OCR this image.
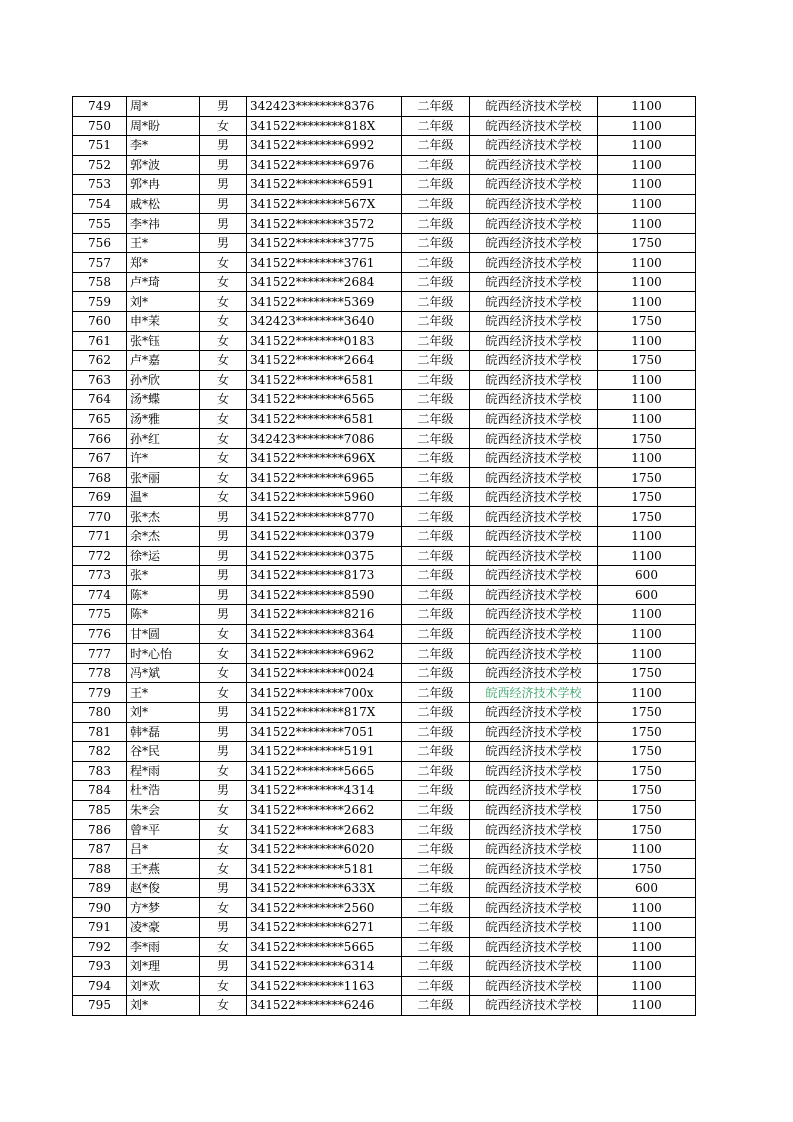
749	周*	男	342423********8376	二年级	皖西经济技术学校	1100
750	周*盼	女	341522********818X	二年级	皖西经济技术学校	1100
751	李*	男	341522********6992	二年级	皖西经济技术学校	1100
752	郭*波	男	341522********6976	二年级	皖西经济技术学校	1100
753	郭*冉	男	341522********6591	二年级	皖西经济技术学校	1100
754	戚*松	男	341522********567X	二年级	皖西经济技术学校	1100
755	李*祎	男	341522********3572	二年级	皖西经济技术学校	1100
756	王*	男	341522********3775	二年级	皖西经济技术学校	1750
757	郑*	女	341522********3761	二年级	皖西经济技术学校	1100
758	卢*琦	女	341522********2684	二年级	皖西经济技术学校	1100
759	刘*	女	341522********5369	二年级	皖西经济技术学校	1100
760	申*茉	女	342423********3640	二年级	皖西经济技术学校	1750
761	张*钰	女	341522********0183	二年级	皖西经济技术学校	1100
762	卢*嘉	女	341522********2664	二年级	皖西经济技术学校	1750
763	孙*欣	女	341522********6581	二年级	皖西经济技术学校	1100
764	汤*蝶	女	341522********6565	二年级	皖西经济技术学校	1100
765	汤*雅	女	341522********6581	二年级	皖西经济技术学校	1100
766	孙*红	女	342423********7086	二年级	皖西经济技术学校	1750
767	许*	女	341522********696X	二年级	皖西经济技术学校	1100
768	张*丽	女	341522********6965	二年级	皖西经济技术学校	1750
769	温*	女	341522********5960	二年级	皖西经济技术学校	1750
770	张*杰	男	341522********8770	二年级	皖西经济技术学校	1750
771	余*杰	男	341522********0379	二年级	皖西经济技术学校	1100
772	徐*运	男	341522********0375	二年级	皖西经济技术学校	1100
773	张*	男	341522********8173	二年级	皖西经济技术学校	600
774	陈*	男	341522********8590	二年级	皖西经济技术学校	600
775	陈*	男	341522********8216	二年级	皖西经济技术学校	1100
776	甘*圆	女	341522********8364	二年级	皖西经济技术学校	1100
777	时*心怡	女	341522********6962	二年级	皖西经济技术学校	1100
778	冯*斌	女	341522********0024	二年级	皖西经济技术学校	1750
779	王*	女	341522********700x	二年级	皖西经济技术学校	1100
780	刘*	男	341522********817X	二年级	皖西经济技术学校	1750
781	韩*磊	男	341522********7051	二年级	皖西经济技术学校	1750
782	谷*民	男	341522********5191	二年级	皖西经济技术学校	1750
783	程*雨	女	341522********5665	二年级	皖西经济技术学校	1750
784	杜*浩	男	341522********4314	二年级	皖西经济技术学校	1750
785	朱*会	女	341522********2662	二年级	皖西经济技术学校	1750
786	曾*平	女	341522********2683	二年级	皖西经济技术学校	1750
787	吕*	女	341522********6020	二年级	皖西经济技术学校	1100
788	王*燕	女	341522********5181	二年级	皖西经济技术学校	1750
789	赵*俊	男	341522********633X	二年级	皖西经济技术学校	600
790	方*梦	女	341522********2560	二年级	皖西经济技术学校	1100
791	凌*豪	男	341522********6271	二年级	皖西经济技术学校	1100
792	李*雨	女	341522********5665	二年级	皖西经济技术学校	1100
793	刘*理	男	341522********6314	二年级	皖西经济技术学校	1100
794	刘*欢	女	341522********1163	二年级	皖西经济技术学校	1100
795	刘*	女	341522********6246	二年级	皖西经济技术学校	1100
